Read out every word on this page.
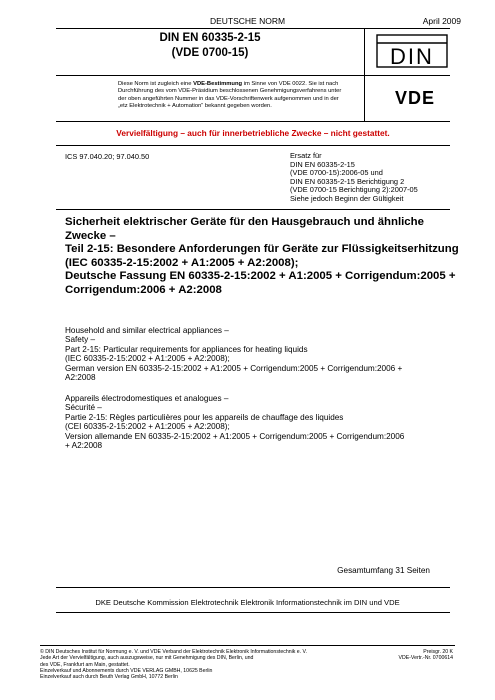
DEUTSCHE NORM	April 2009
DIN EN 60335-2-15
(VDE 0700-15)	DIN
VDE
Diese Norm ist zugleich eine VDE-Bestimmung im Sinne von VDE 0022. Sie ist nach
Durchführung des vom VDE-Präsidium beschlossenen Genehmigungsverfahrens unter
der oben angeführten Nummer in das VDE-Vorschriftenwerk aufgenommen und in der
„etz Elektrotechnik + Automation“ bekannt gegeben worden.
Vervielfältigung – auch für innerbetriebliche Zwecke – nicht gestattet.
ICS 97.040.20; 97.040.50	Ersatz für
DIN EN 60335-2-15
(VDE 0700-15):2006-05 und
DIN EN 60335-2-15 Berichtigung 2
(VDE 0700-15 Berichtigung 2):2007-05
Siehe jedoch Beginn der Gültigkeit
Sicherheit elektrischer Geräte für den Hausgebrauch und ähnliche
Zwecke –
Teil 2-15: Besondere Anforderungen für Geräte zur Flüssigkeitserhitzung
(IEC 60335-2-15:2002 + A1:2005 + A2:2008);
Deutsche Fassung EN 60335-2-15:2002 + A1:2005 + Corrigendum:2005 +
Corrigendum:2006 + A2:2008
Household and similar electrical appliances –
Safety –
Part 2-15: Particular requirements for appliances for heating liquids
(IEC 60335-2-15:2002 + A1:2005 + A2:2008);
German version EN 60335-2-15:2002 + A1:2005 + Corrigendum:2005 + Corrigendum:2006 +
A2:2008
Appareils électrodomestiques et analogues –
Sécurité –
Partie 2-15: Règles particulières pour les appareils de chauffage des liquides
(CEI 60335-2-15:2002 + A1:2005 + A2:2008);
Version allemande EN 60335-2-15:2002 + A1:2005 + Corrigendum:2005 + Corrigendum:2006
+ A2:2008
Gesamtumfang 31 Seiten
DKE Deutsche Kommission Elektrotechnik Elektronik Informationstechnik im DIN und VDE
© DIN Deutsches Institut für Normung e. V. und VDE Verband der Elektrotechnik Elektronik Informationstechnik e. V.
Jede Art der Vervielfältigung, auch auszugsweise, nur mit Genehmigung des DIN, Berlin, und
des VDE, Frankfurt am Main, gestattet.
Einzelverkauf und Abonnements durch VDE VERLAG GMBH, 10625 Berlin
Einzelverkauf auch durch Beuth Verlag GmbH, 10772 Berlin
Preisgr. 20 K
VDE-Vertr.-Nr. 0700614
